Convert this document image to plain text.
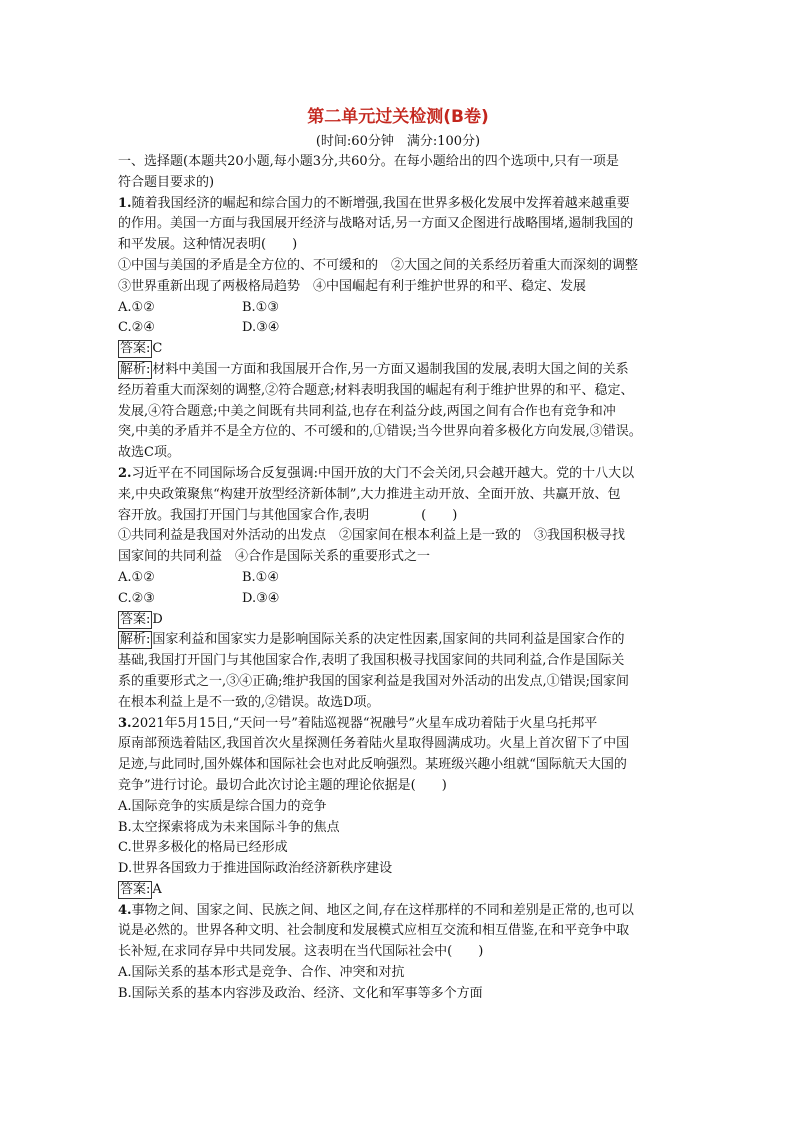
第二单元过关检测(B卷)
(时间:60分钟　满分:100分)
一、选择题(本题共20小题,每小题3分,共60分。在每小题给出的四个选项中,只有一项是
符合题目要求的)
1.随着我国经济的崛起和综合国力的不断增强,我国在世界多极化发展中发挥着越来越重要
的作用。美国一方面与我国展开经济与战略对话,另一方面又企图进行战略围堵,遏制我国的
和平发展。这种情况表明(　　)
①中国与美国的矛盾是全方位的、不可缓和的　②大国之间的关系经历着重大而深刻的调整
③世界重新出现了两极格局趋势　④中国崛起有利于维护世界的和平、稳定、发展
A.①②	B.①③
C.②④	D.③④
答案: C
解析: 材料中美国一方面和我国展开合作,另一方面又遏制我国的发展,表明大国之间的关系
经历着重大而深刻的调整,②符合题意;材料表明我国的崛起有利于维护世界的和平、稳定、
发展,④符合题意;中美之间既有共同利益,也存在利益分歧,两国之间有合作也有竞争和冲
突,中美的矛盾并不是全方位的、不可缓和的,①错误;当今世界向着多极化方向发展,③错误。
故选C项。
2.习近平在不同国际场合反复强调:中国开放的大门不会关闭,只会越开越大。党的十八大以
来,中央政策聚焦“构建开放型经济新体制”,大力推进主动开放、全面开放、共赢开放、包
容开放。我国打开国门与其他国家合作,表明　　　　(　　)
①共同利益是我国对外活动的出发点　②国家间在根本利益上是一致的　③我国积极寻找
国家间的共同利益　④合作是国际关系的重要形式之一
A.①②	B.①④
C.②③	D.③④
答案: D
解析: 国家利益和国家实力是影响国际关系的决定性因素,国家间的共同利益是国家合作的
基础,我国打开国门与其他国家合作,表明了我国积极寻找国家间的共同利益,合作是国际关
系的重要形式之一,③④正确;维护我国的国家利益是我国对外活动的出发点,①错误;国家间
在根本利益上是不一致的,②错误。故选D项。
3.2021年5月15日,“天问一号”着陆巡视器“祝融号”火星车成功着陆于火星乌托邦平
原南部预选着陆区,我国首次火星探测任务着陆火星取得圆满成功。火星上首次留下了中国
足迹,与此同时,国外媒体和国际社会也对此反响强烈。某班级兴趣小组就“国际航天大国的
竞争”进行讨论。最切合此次讨论主题的理论依据是(　　)
A.国际竞争的实质是综合国力的竞争
B.太空探索将成为未来国际斗争的焦点
C.世界多极化的格局已经形成
D.世界各国致力于推进国际政治经济新秩序建设
答案: A
4.事物之间、国家之间、民族之间、地区之间,存在这样那样的不同和差别是正常的,也可以
说是必然的。世界各种文明、社会制度和发展模式应相互交流和相互借鉴,在和平竞争中取
长补短,在求同存异中共同发展。这表明在当代国际社会中(　　)
A.国际关系的基本形式是竞争、合作、冲突和对抗
B.国际关系的基本内容涉及政治、经济、文化和军事等多个方面
